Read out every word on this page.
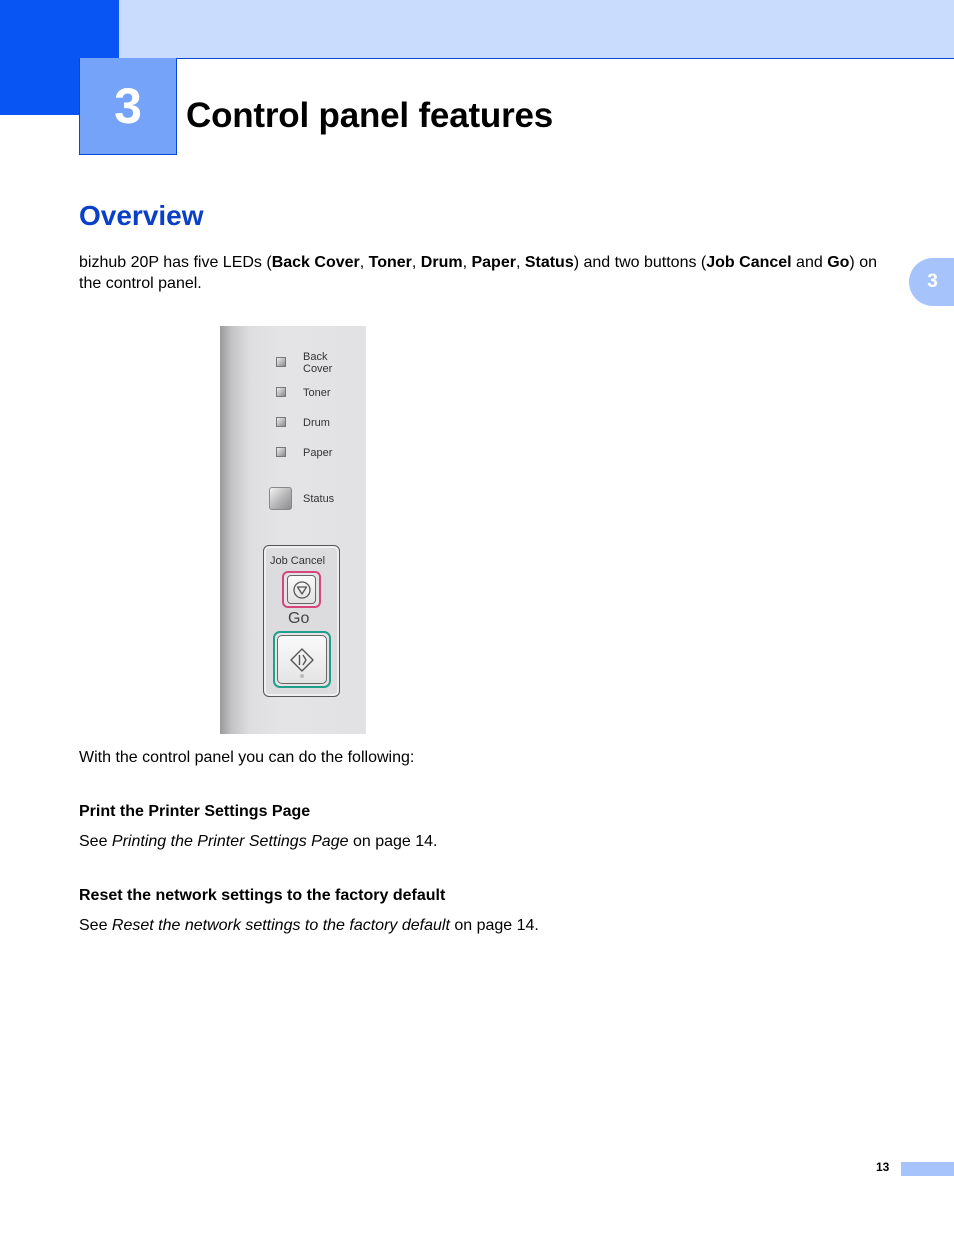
3 Control panel features
3
Overview

bizhub 20P has five LEDs (Back Cover, Toner, Drum, Paper, Status) and two buttons (Job Cancel and Go) on the control panel.

Back
Cover
Toner
Drum
Paper
Status
Job Cancel
Go

With the control panel you can do the following:

Print the Printer Settings Page

See Printing the Printer Settings Page on page 14.

Reset the network settings to the factory default

See Reset the network settings to the factory default on page 14.

13
